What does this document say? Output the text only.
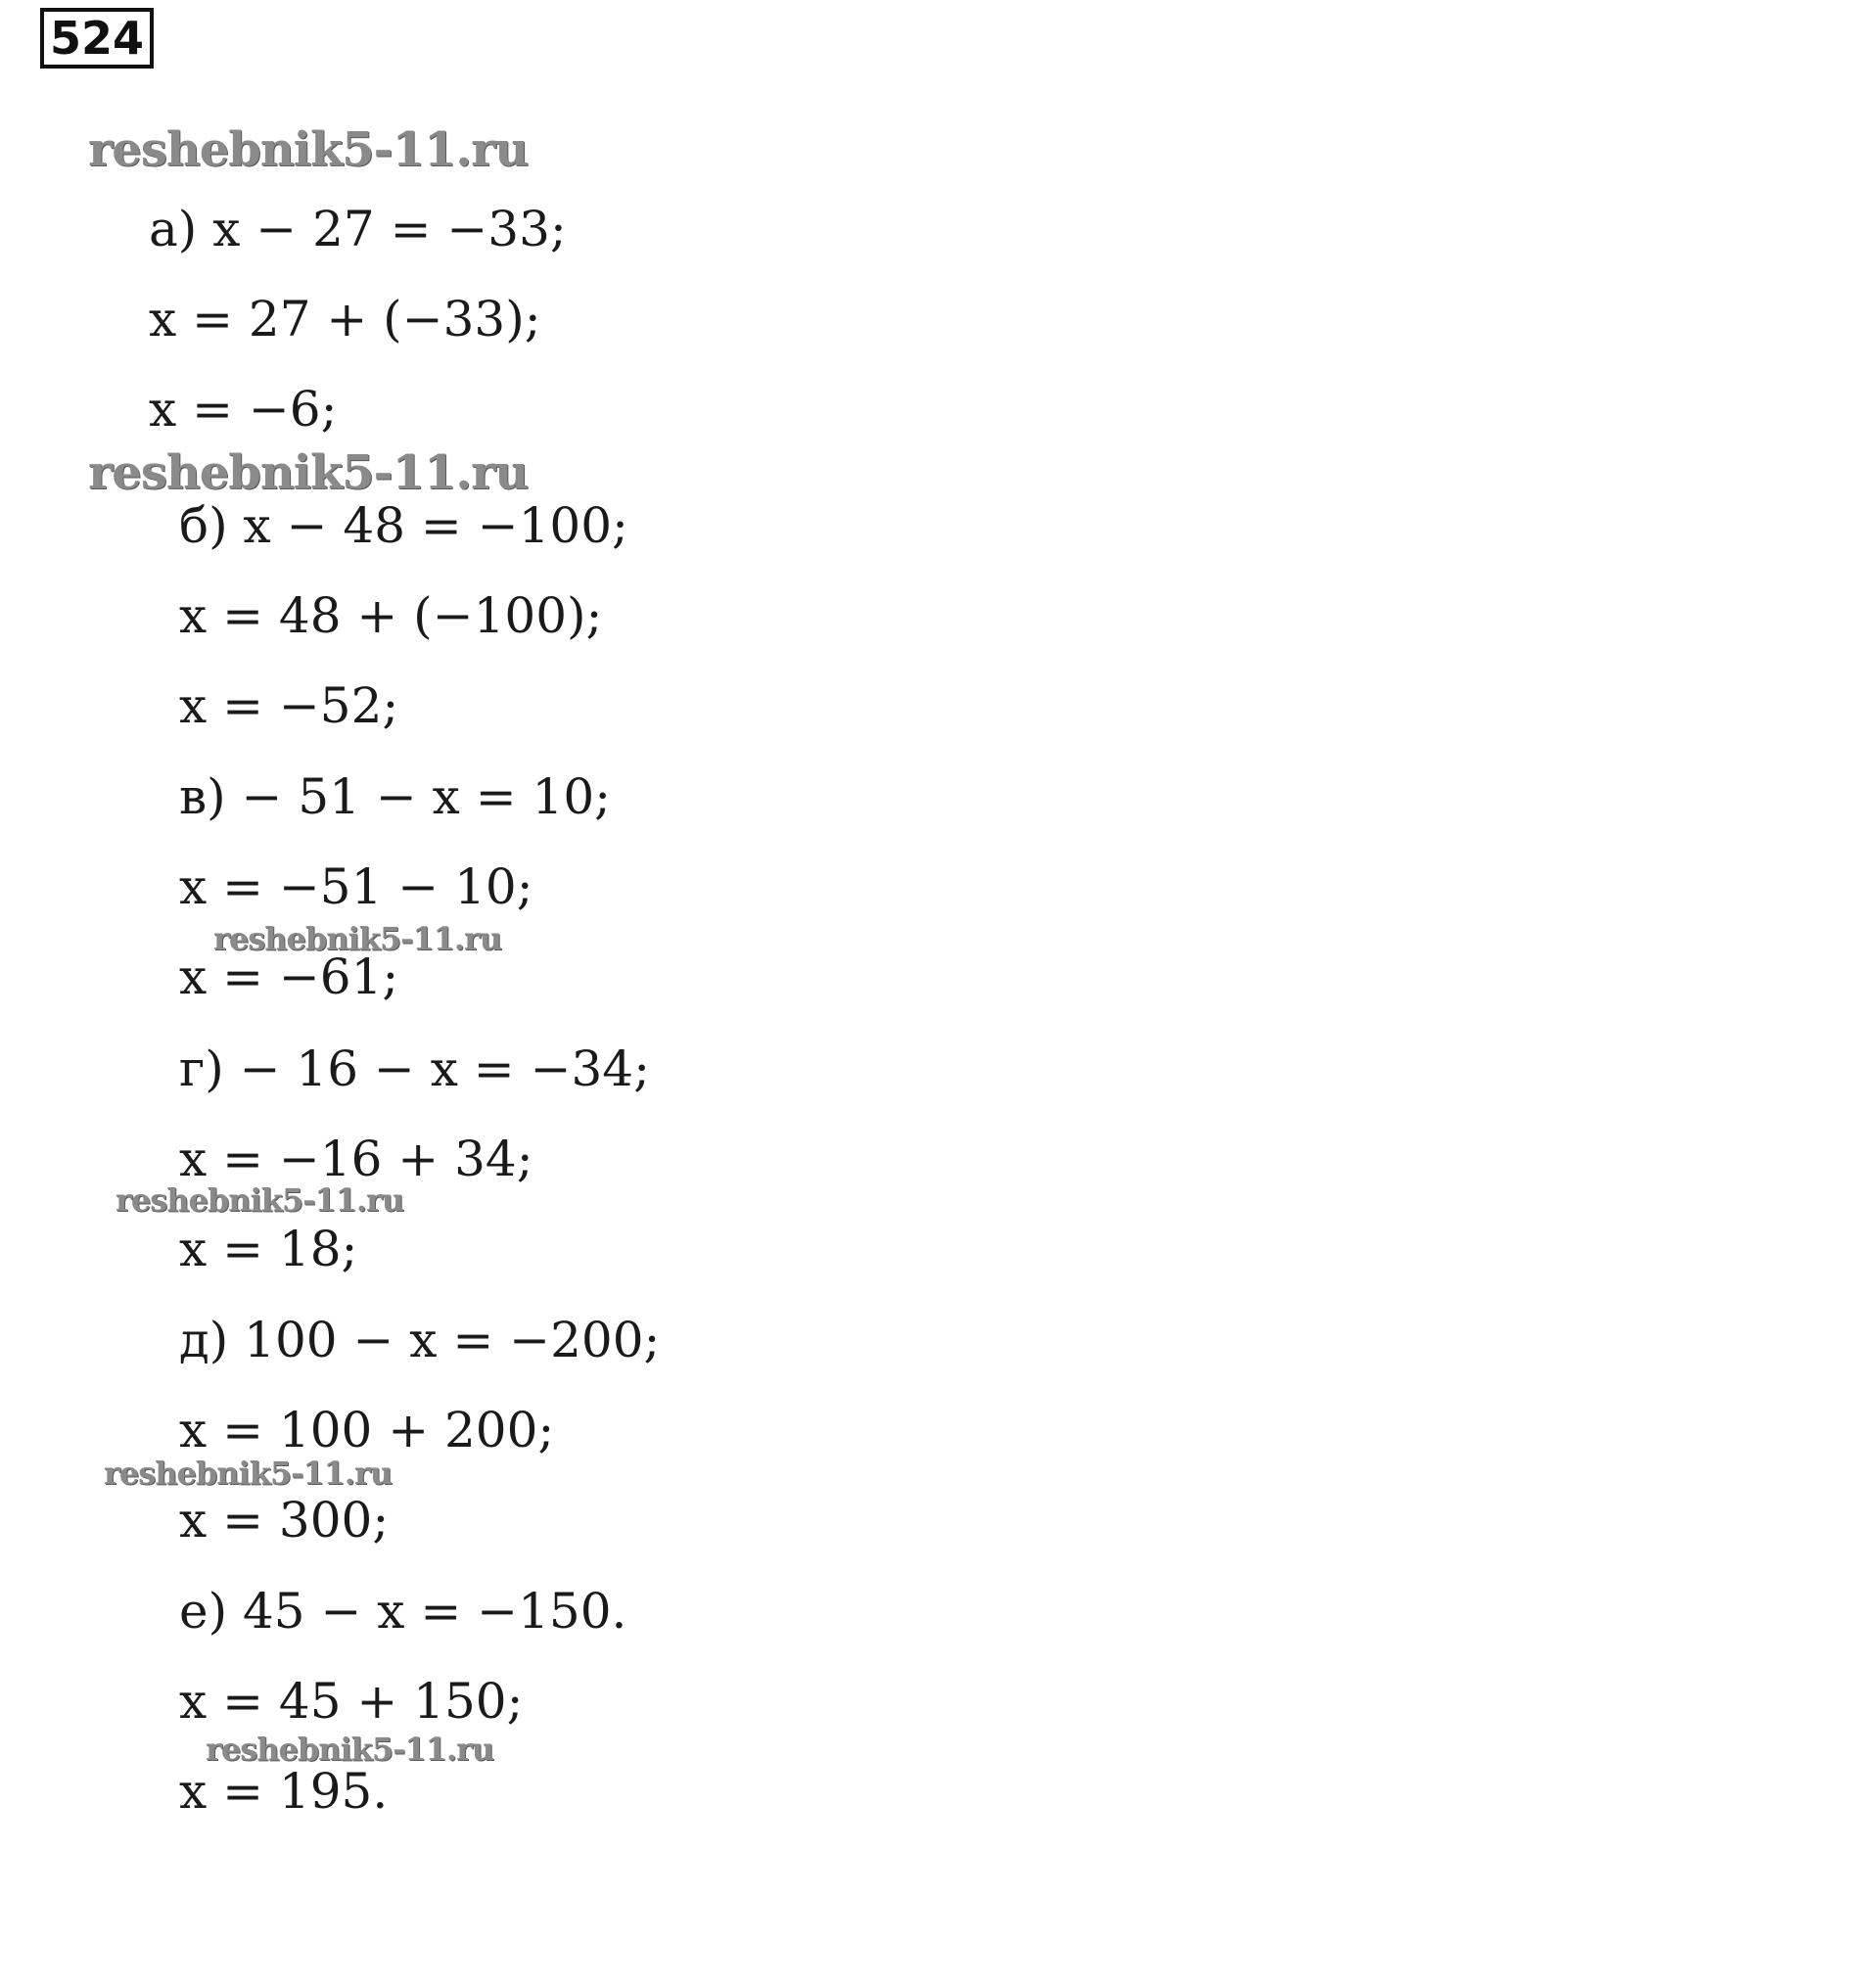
524
reshebnik5-11.ru
reshebnik5-11.ru
reshebnik5-11.ru
reshebnik5-11.ru
reshebnik5-11.ru
reshebnik5-11.ru
а) x − 27 = −33;
x = 27 + (−33);
x = −6;
б) x − 48 = −100;
x = 48 + (−100);
x = −52;
в) − 51 − x = 10;
x = −51 − 10;
x = −61;
г) − 16 − x = −34;
x = −16 + 34;
x = 18;
д) 100 − x = −200;
x = 100 + 200;
x = 300;
е) 45 − x = −150.
x = 45 + 150;
x = 195.
